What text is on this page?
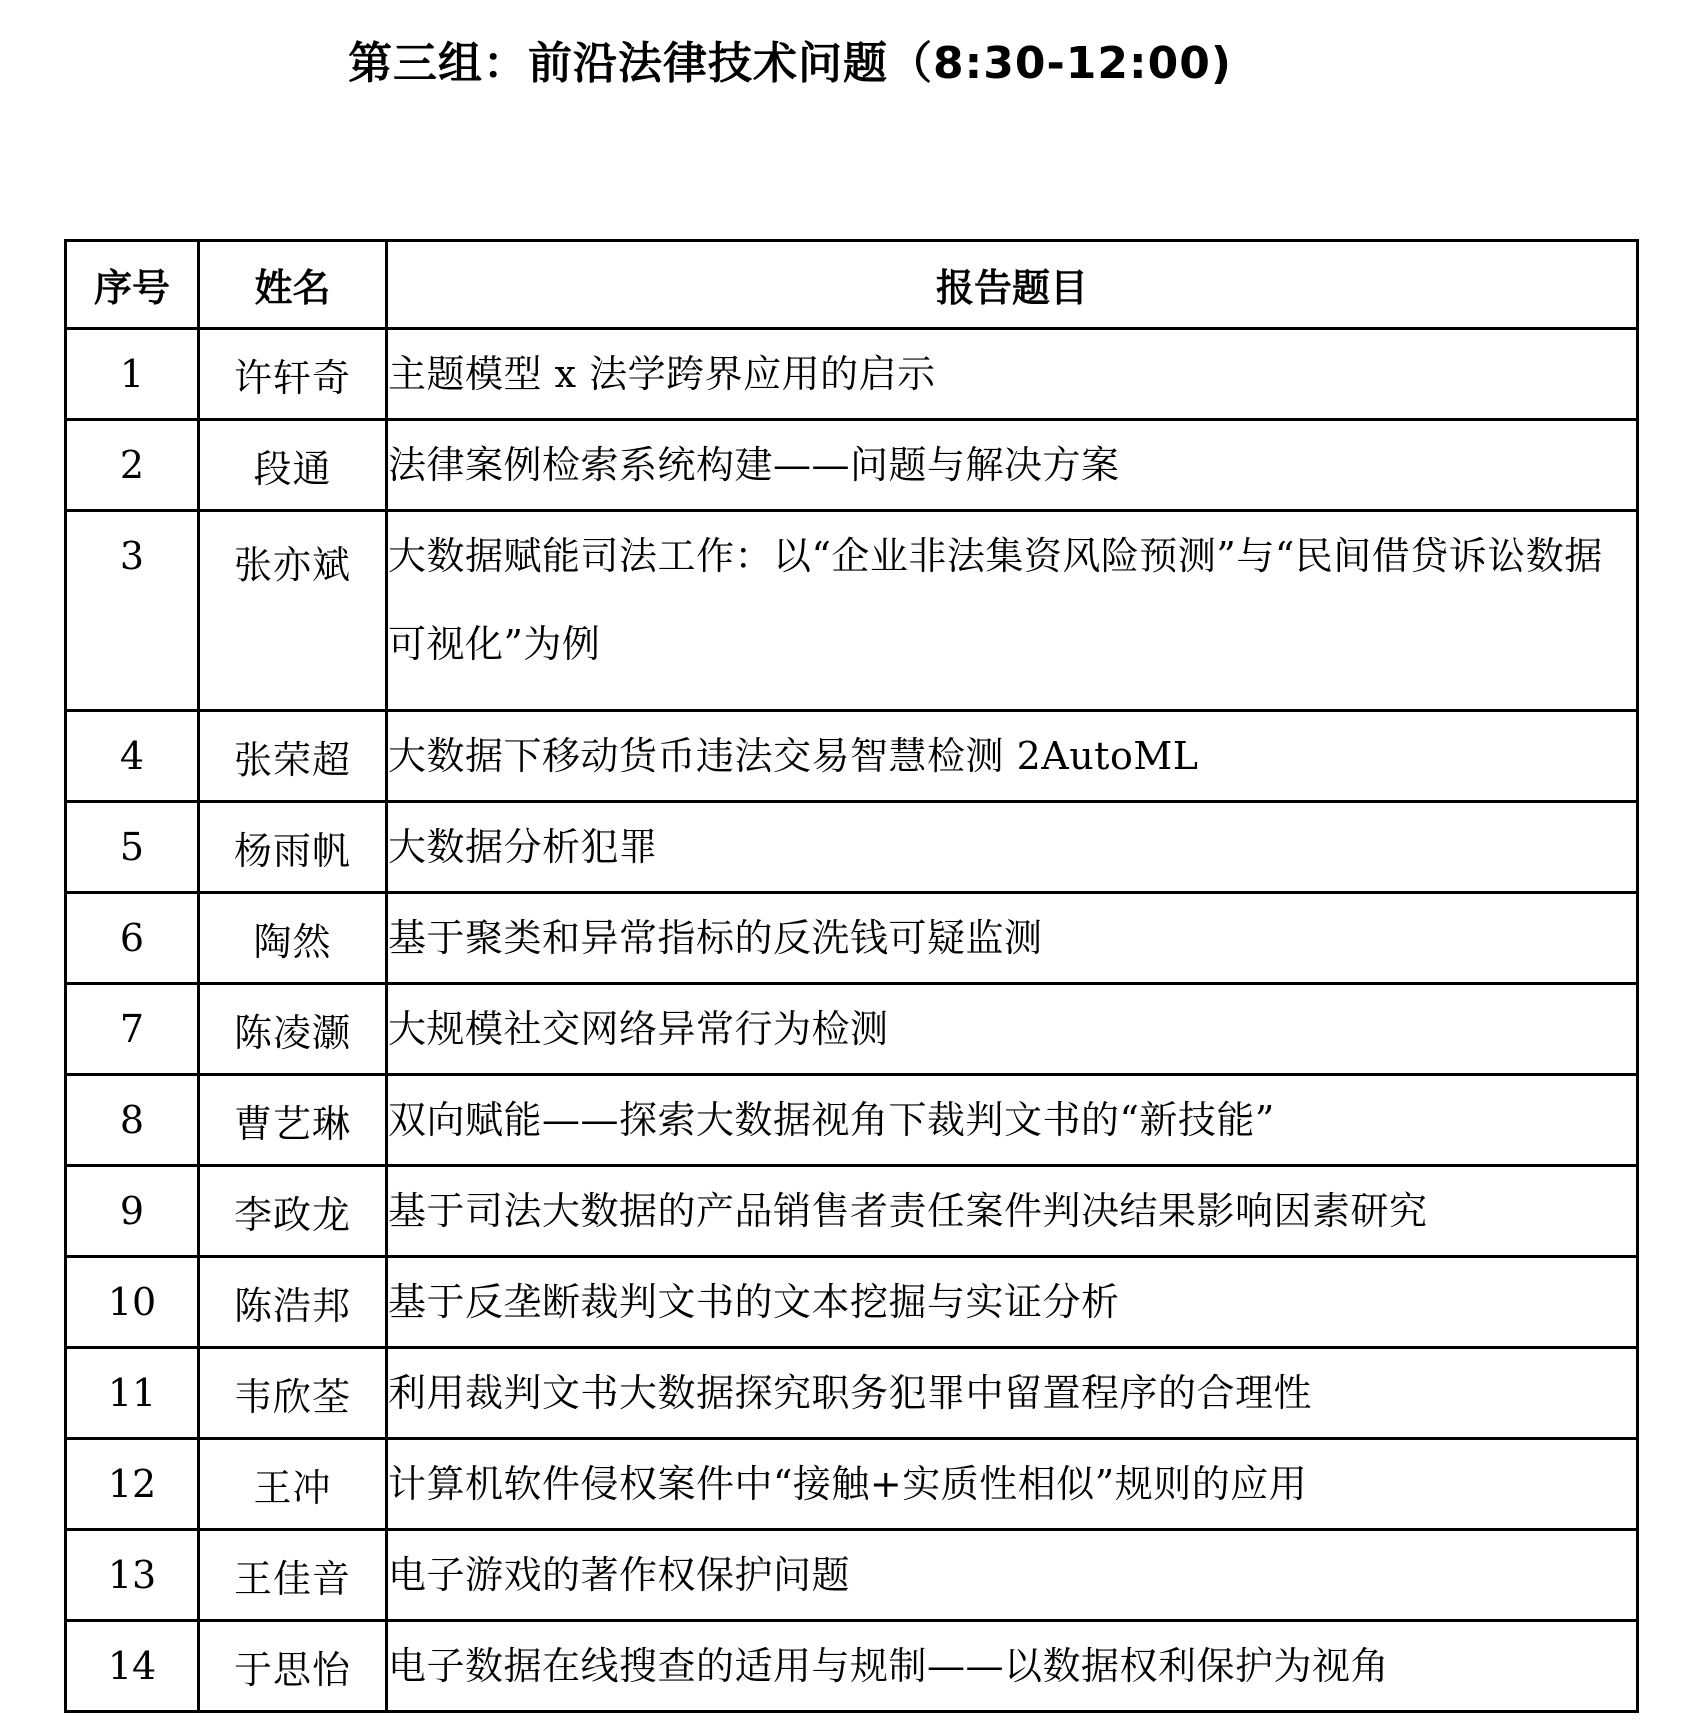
第三组：前沿法律技术问题（8:30-12:00)
序号	姓名	报告题目
1	许轩奇	主题模型 x 法学跨界应用的启示
2	段通	法律案例检索系统构建——问题与解决方案
3	张亦斌	大数据赋能司法工作：以“企业非法集资风险预测”与“民间借贷诉讼数据可视化”为例
4	张荣超	大数据下移动货币违法交易智慧检测 2AutoML
5	杨雨帆	大数据分析犯罪
6	陶然	基于聚类和异常指标的反洗钱可疑监测
7	陈凌灏	大规模社交网络异常行为检测
8	曹艺琳	双向赋能——探索大数据视角下裁判文书的“新技能”
9	李政龙	基于司法大数据的产品销售者责任案件判决结果影响因素研究
10	陈浩邦	基于反垄断裁判文书的文本挖掘与实证分析
11	韦欣荃	利用裁判文书大数据探究职务犯罪中留置程序的合理性
12	王冲	计算机软件侵权案件中“接触+实质性相似”规则的应用
13	王佳音	电子游戏的著作权保护问题
14	于思怡	电子数据在线搜查的适用与规制——以数据权利保护为视角
